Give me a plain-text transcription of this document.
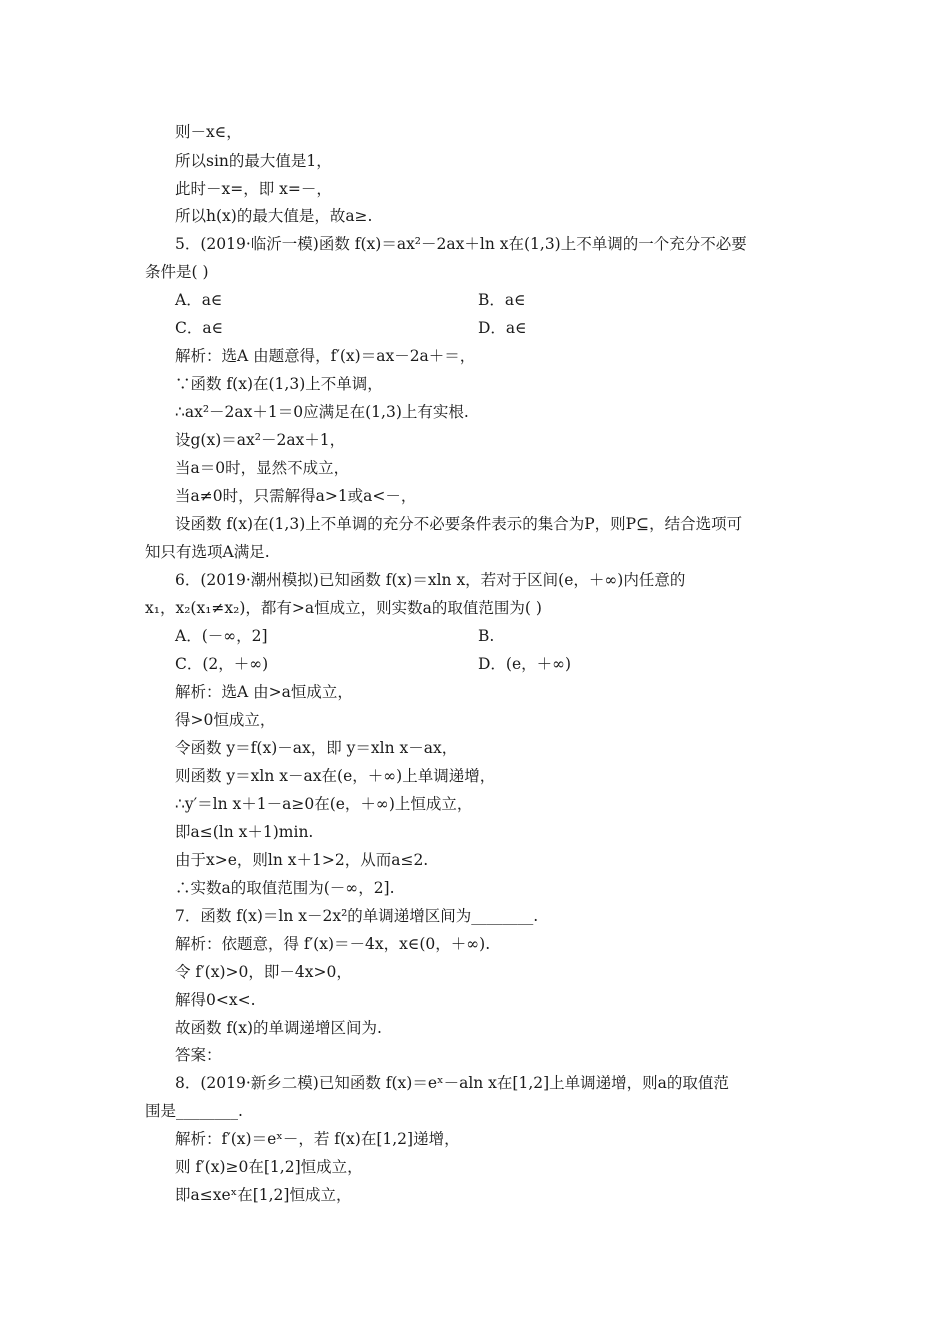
则－x∈，
所以sin的最大值是1，
此时－x=，即 x=－，
所以h(x)的最大值是，故a≥.
5．(2019·临沂一模)函数 f(x)＝ax²－2ax＋ln x在(1,3)上不单调的一个充分不必要
条件是( )
解析：选A 由题意得，f′(x)＝ax－2a＋＝，
∵函数 f(x)在(1,3)上不单调，
∴ax²－2ax＋1＝0应满足在(1,3)上有实根.
设g(x)＝ax²－2ax＋1，
当a＝0时，显然不成立，
当a≠0时，只需解得a>1或a<－，
设函数 f(x)在(1,3)上不单调的充分不必要条件表示的集合为P，则P⊆，结合选项可
知只有选项A满足.
6．(2019·潮州模拟)已知函数 f(x)＝xln x，若对于区间(e，＋∞)内任意的
x₁，x₂(x₁≠x₂)，都有>a恒成立，则实数a的取值范围为( )
解析：选A 由>a恒成立，
得>0恒成立，
令函数 y＝f(x)－ax，即 y＝xln x－ax，
则函数 y＝xln x－ax在(e，＋∞)上单调递增，
∴y′＝ln x＋1－a≥0在(e，＋∞)上恒成立，
即a≤(ln x＋1)min.
由于x>e，则ln x＋1>2，从而a≤2.
∴实数a的取值范围为(－∞，2].
7．函数 f(x)＝ln x－2x²的单调递增区间为________.
解析：依题意，得 f′(x)＝－4x，x∈(0，＋∞).
令 f′(x)>0，即－4x>0，
解得0<x<.
故函数 f(x)的单调递增区间为.
答案：
8．(2019·新乡二模)已知函数 f(x)＝eˣ－aln x在[1,2]上单调递增，则a的取值范
围是________.
解析：f′(x)＝eˣ－，若 f(x)在[1,2]递增，
则 f′(x)≥0在[1,2]恒成立，
即a≤xeˣ在[1,2]恒成立，
A．a∈	B．a∈
C．a∈	D．a∈
A．(－∞，2]	B.
C．(2，＋∞)	D．(e，＋∞)
